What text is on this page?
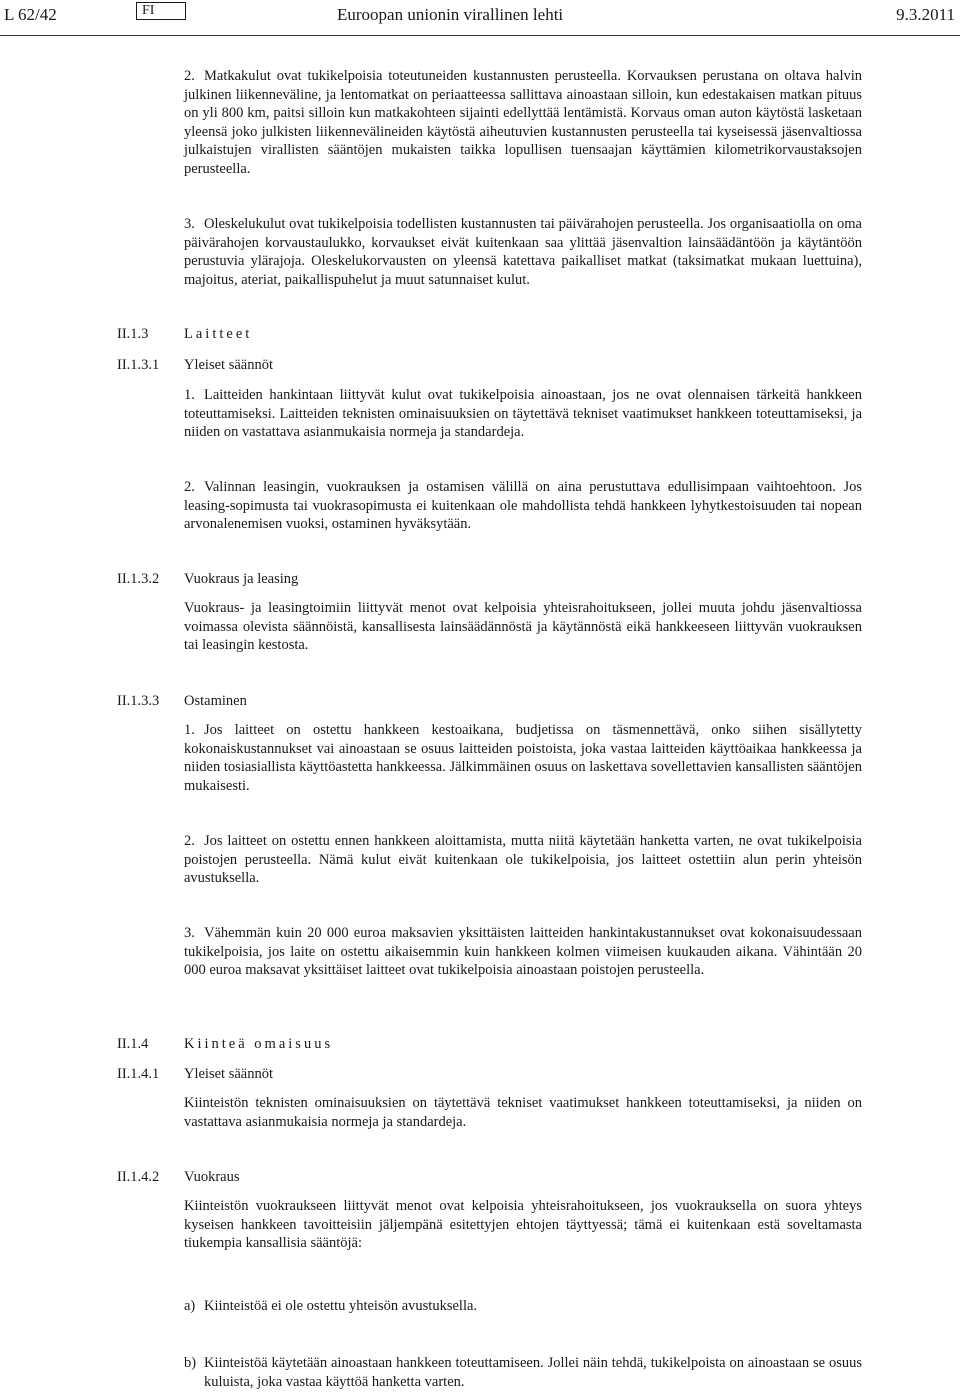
L 62/42	FI	Euroopan unionin virallinen lehti	9.3.2011
2. Matkakulut ovat tukikelpoisia toteutuneiden kustannusten perusteella. Korvauksen perustana on oltava halvin julkinen liikenneväline, ja lentomatkat on periaatteessa sallittava ainoastaan silloin, kun edestakaisen matkan pituus on yli 800 km, paitsi silloin kun matkakohteen sijainti edellyttää lentämistä. Korvaus oman auton käytöstä lasketaan yleensä joko julkisten liikennevälineiden käytöstä aiheutuvien kustannusten perusteella tai kyseisessä jäsenvaltiossa julkaistujen virallisten sääntöjen mukaisten taikka lopullisen tuensaajan käyttämien kilometrikorvaustaksojen perusteella.

3. Oleskelukulut ovat tukikelpoisia todellisten kustannusten tai päivärahojen perusteella. Jos organisaatiolla on oma päivärahojen korvaustaulukko, korvaukset eivät kuitenkaan saa ylittää jäsenvaltion lainsäädäntöön ja käytäntöön perustuvia ylärajoja. Oleskelukorvausten on yleensä katettava paikalliset matkat (taksimatkat mukaan luettuina), majoitus, ateriat, paikallispuhelut ja muut satunnaiset kulut.

II.1.3 Laitteet
II.1.3.1 Yleiset säännöt
1. Laitteiden hankintaan liittyvät kulut ovat tukikelpoisia ainoastaan, jos ne ovat olennaisen tärkeitä hankkeen toteuttamiseksi. Laitteiden teknisten ominaisuuksien on täytettävä tekniset vaatimukset hankkeen toteuttamiseksi, ja niiden on vastattava asianmukaisia normeja ja standardeja.

2. Valinnan leasingin, vuokrauksen ja ostamisen välillä on aina perustuttava edullisimpaan vaihtoehtoon. Jos leasing-sopimusta tai vuokrasopimusta ei kuitenkaan ole mahdollista tehdä hankkeen lyhytkestoisuuden tai nopean arvonalenemisen vuoksi, ostaminen hyväksytään.

II.1.3.2 Vuokraus ja leasing

Vuokraus- ja leasingtoimiin liittyvät menot ovat kelpoisia yhteisrahoitukseen, jollei muuta johdu jäsenvaltiossa voimassa olevista säännöistä, kansallisesta lainsäädännöstä ja käytännöstä eikä hankkeeseen liittyvän vuokrauksen tai leasingin kestosta.

II.1.3.3 Ostaminen
1. Jos laitteet on ostettu hankkeen kestoaikana, budjetissa on täsmennettävä, onko siihen sisällytetty kokonaiskustannukset vai ainoastaan se osuus laitteiden poistoista, joka vastaa laitteiden käyttöaikaa hankkeessa ja niiden tosiasiallista käyttöastetta hankkeessa. Jälkimmäinen osuus on laskettava sovellettavien kansallisten sääntöjen mukaisesti.

2. Jos laitteet on ostettu ennen hankkeen aloittamista, mutta niitä käytetään hanketta varten, ne ovat tukikelpoisia poistojen perusteella. Nämä kulut eivät kuitenkaan ole tukikelpoisia, jos laitteet ostettiin alun perin yhteisön avustuksella.

3. Vähemmän kuin 20 000 euroa maksavien yksittäisten laitteiden hankintakustannukset ovat kokonaisuudessaan tukikelpoisia, jos laite on ostettu aikaisemmin kuin hankkeen kolmen viimeisen kuukauden aikana. Vähintään 20 000 euroa maksavat yksittäiset laitteet ovat tukikelpoisia ainoastaan poistojen perusteella.

II.1.4 Kiinteä omaisuus
II.1.4.1 Yleiset säännöt

Kiinteistön teknisten ominaisuuksien on täytettävä tekniset vaatimukset hankkeen toteuttamiseksi, ja niiden on vastattava asianmukaisia normeja ja standardeja.

II.1.4.2 Vuokraus

Kiinteistön vuokraukseen liittyvät menot ovat kelpoisia yhteisrahoitukseen, jos vuokrauksella on suora yhteys kyseisen hankkeen tavoitteisiin jäljempänä esitettyjen ehtojen täyttyessä; tämä ei kuitenkaan estä soveltamasta tiukempia kansallisia sääntöjä:

a) Kiinteistöä ei ole ostettu yhteisön avustuksella.

b) Kiinteistöä käytetään ainoastaan hankkeen toteuttamiseen. Jollei näin tehdä, tukikelpoista on ainoastaan se osuus kuluista, joka vastaa käyttöä hanketta varten.
